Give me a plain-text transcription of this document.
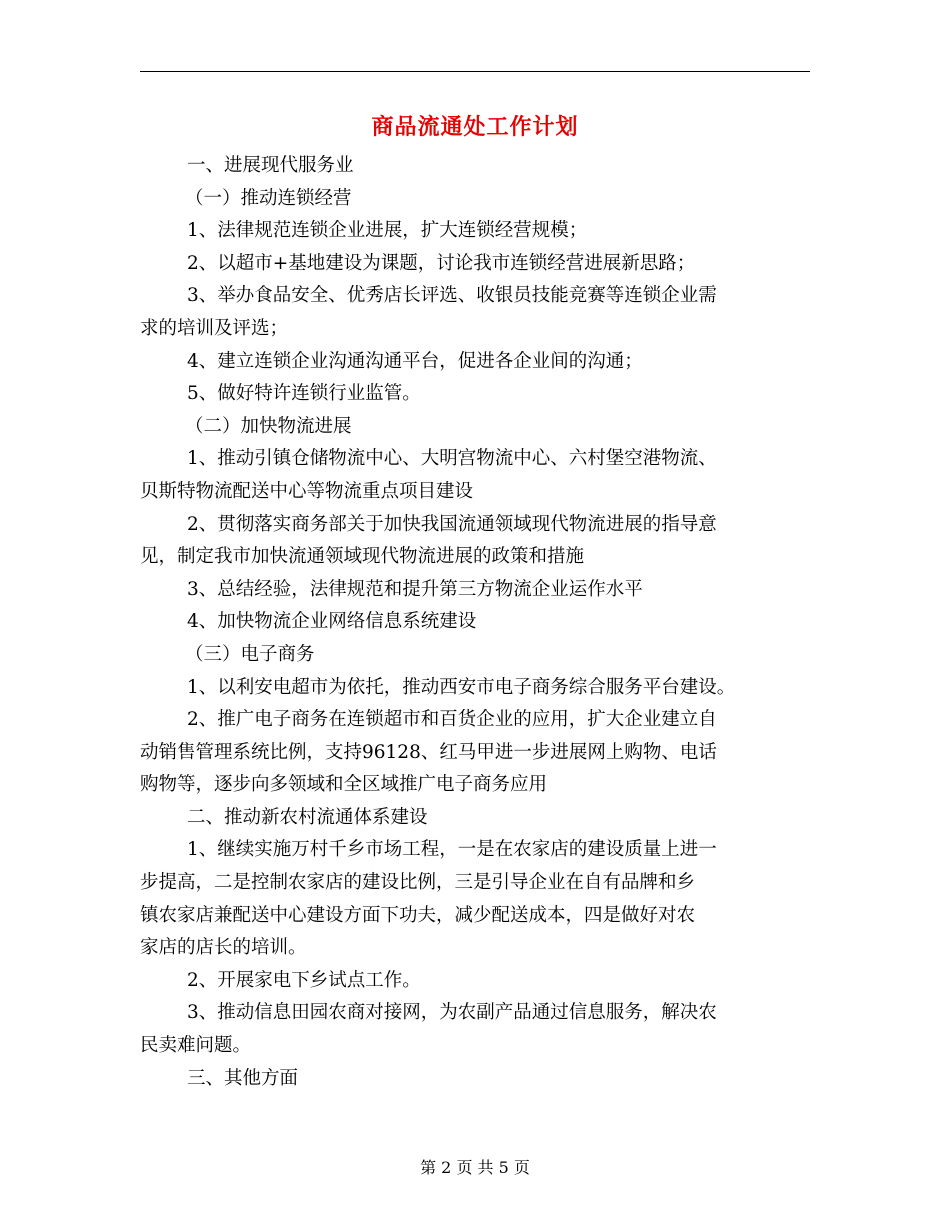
商品流通处工作计划

一、进展现代服务业

（一）推动连锁经营

1、法律规范连锁企业进展，扩大连锁经营规模；

2、以超市+基地建设为课题，讨论我市连锁经营进展新思路；

3、举办食品安全、优秀店长评选、收银员技能竞赛等连锁企业需

求的培训及评选；

4、建立连锁企业沟通沟通平台，促进各企业间的沟通；

5、做好特许连锁行业监管。

（二）加快物流进展

1、推动引镇仓储物流中心、大明宫物流中心、六村堡空港物流、

贝斯特物流配送中心等物流重点项目建设

2、贯彻落实商务部关于加快我国流通领域现代物流进展的指导意

见，制定我市加快流通领域现代物流进展的政策和措施

3、总结经验，法律规范和提升第三方物流企业运作水平

4、加快物流企业网络信息系统建设

（三）电子商务

1、以利安电超市为依托，推动西安市电子商务综合服务平台建设。

2、推广电子商务在连锁超市和百货企业的应用，扩大企业建立自

动销售管理系统比例，支持96128、红马甲进一步进展网上购物、电话

购物等，逐步向多领域和全区域推广电子商务应用

二、推动新农村流通体系建设

1、继续实施万村千乡市场工程，一是在农家店的建设质量上进一

步提高，二是控制农家店的建设比例，三是引导企业在自有品牌和乡

镇农家店兼配送中心建设方面下功夫，减少配送成本，四是做好对农

家店的店长的培训。

2、开展家电下乡试点工作。

3、推动信息田园农商对接网，为农副产品通过信息服务，解决农

民卖难问题。

三、其他方面

第 2 页 共 5 页
